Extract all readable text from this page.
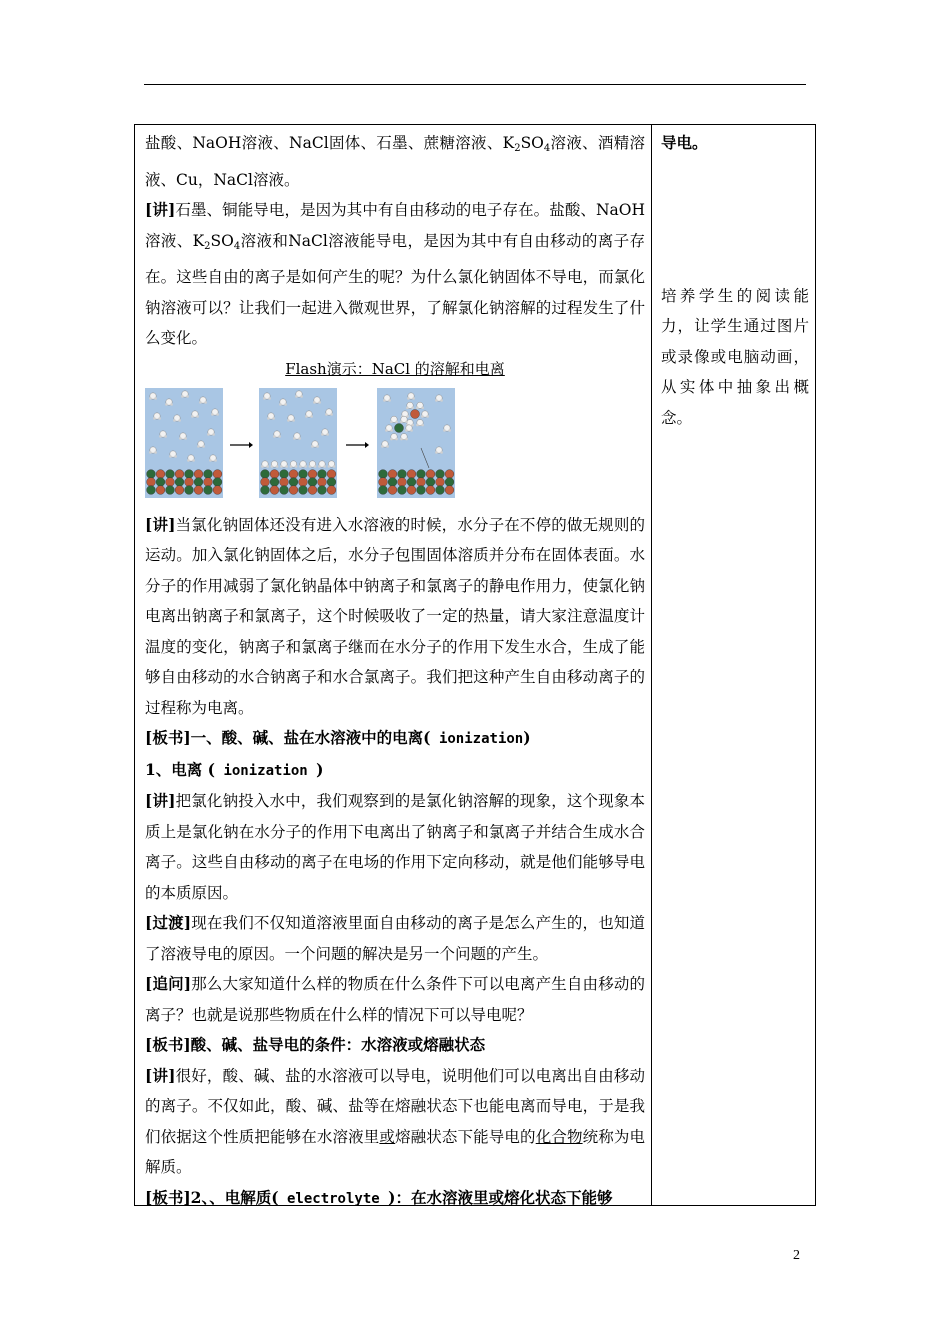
盐酸、NaOH溶液、NaCl固体、石墨、蔗糖溶液、$K_2SO_4$溶液、酒精溶液、Cu，NaCl溶液。

[讲]石墨、铜能导电，是因为其中有自由移动的电子存在。盐酸、NaOH溶液、$K_2SO_4$溶液和NaCl溶液能导电，是因为其中有自由移动的离子存在。这些自由的离子是如何产生的呢？为什么氯化钠固体不导电，而氯化钠溶液可以？让我们一起进入微观世界，了解氯化钠溶解的过程发生了什么变化。

Flash演示：NaCl 的溶解和电离

[讲]当氯化钠固体还没有进入水溶液的时候，水分子在不停的做无规则的运动。加入氯化钠固体之后，水分子包围固体溶质并分布在固体表面。水分子的作用减弱了氯化钠晶体中钠离子和氯离子的静电作用力，使氯化钠电离出钠离子和氯离子，这个时候吸收了一定的热量，请大家注意温度计温度的变化，钠离子和氯离子继而在水分子的作用下发生水合，生成了能够自由移动的水合钠离子和水合氯离子。我们把这种产生自由移动离子的过程称为电离。

[板书]一、酸、碱、盐在水溶液中的电离( ionization)

1、电离 ( ionization )

[讲]把氯化钠投入水中，我们观察到的是氯化钠溶解的现象，这个现象本质上是氯化钠在水分子的作用下电离出了钠离子和氯离子并结合生成水合离子。这些自由移动的离子在电场的作用下定向移动，就是他们能够导电的本质原因。

[过渡]现在我们不仅知道溶液里面自由移动的离子是怎么产生的，也知道了溶液导电的原因。一个问题的解决是另一个问题的产生。

[追问]那么大家知道什么样的物质在什么条件下可以电离产生自由移动的离子？也就是说那些物质在什么样的情况下可以导电呢？

[板书]酸、碱、盐导电的条件：水溶液或熔融状态

[讲]很好，酸、碱、盐的水溶液可以导电，说明他们可以电离出自由移动的离子。不仅如此，酸、碱、盐等在熔融状态下也能电离而导电，于是我们依据这个性质把能够在水溶液里或熔融状态下能导电的化合物统称为电解质。

[板书]2、、电解质( electrolyte )：在水溶液里或熔化状态下能够

导电。

培养学生的阅读能力，让学生通过图片或录像或电脑动画，从实体中抽象出概念。

2
